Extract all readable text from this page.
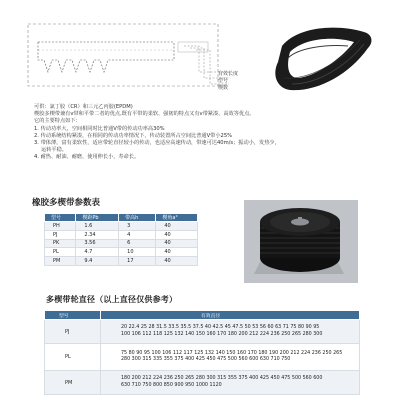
有效长度
型号
楔数

可供：氯丁胶（CR）和三元乙丙胶(EPDM)

楔胶多楔带兼有v带和平带二者的优点,既有平带的柔软、强韧的特点又有v带紧凑、高效等优点。

它的主要特点如下：

1. 传动功率大，空间相同时比普通V带的传动功率高30%

2. 传动系统结构紧凑，在相同的传动功率情况下，传动装置所占空间比普通V带小25%

3. 带体薄，富有柔软性，适应带轮直径较小的传动，也适应高速传动，带速可达40m/s；振动小，发热少，

运转平稳。

4. 耐热、耐油、耐磨，使用伸长小，寿命长。

橡胶多楔带参数表
型号	楔距Pb	带高h	楔角a°
PH	1.6	3	40
PJ	2.34	4	40
PK	3.56	6	40
PL	4.7	10	40
PM	9.4	17	40
多楔带轮直径（以上直径仅供参考）
型号	有效直径
PJ	20 22.4 25 28 31.5 33.5 35.5 37.5 40 42.5 45 47.5 50 53 56 60 63 71 75 80 90 95
100 106 112 118 125 132 140 150 160 170 180 200 212 224 236 250 265 280 300

PL	75 80 90 95 100 106 112 117 125 132 140 150 160 170 180 190 200 212 224 236 250 265
280 300 315 335 355 375 400 425 450 475 500 560 600 630 710 750

PM	180 200 212 224 236 250 265 280 300 315 355 375 400 425 450 475 500 560 600
630 710 750 800 850 900 950 1000 1120
